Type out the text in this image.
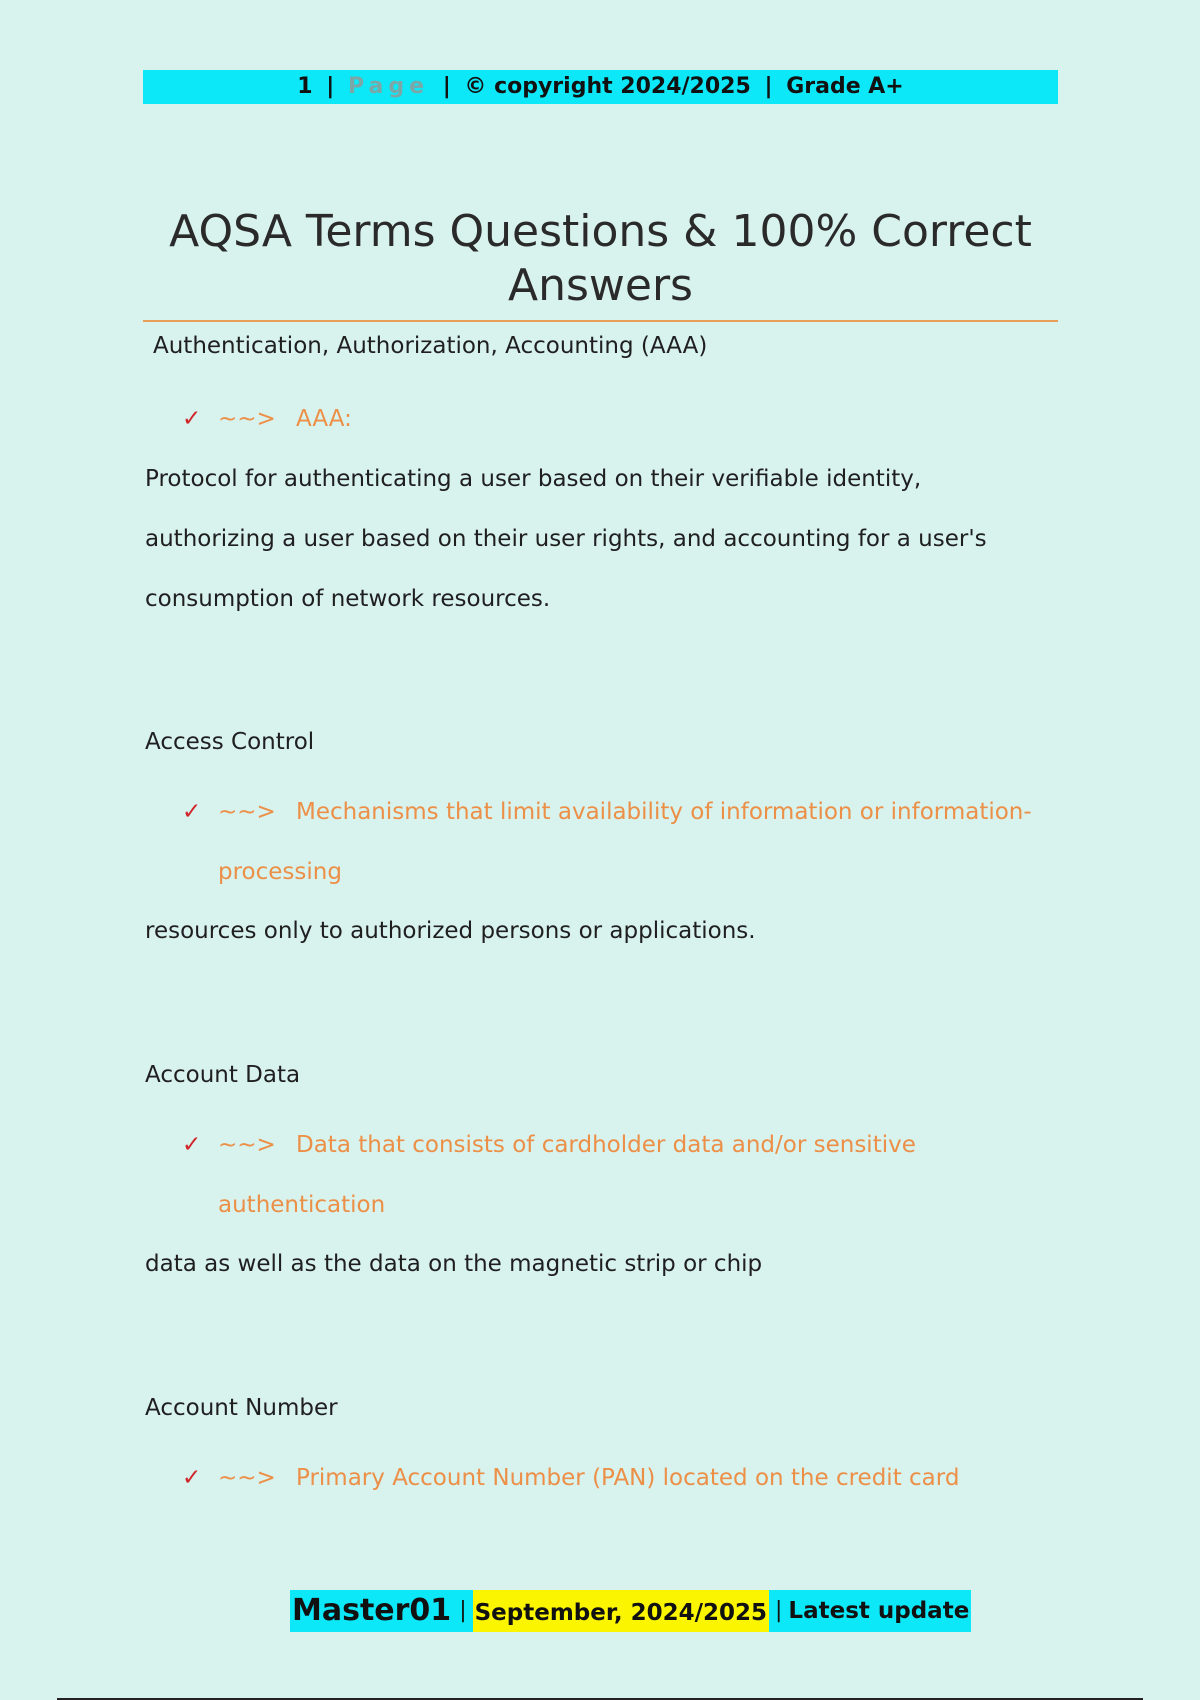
1 | Page | © copyright 2024/2025 | Grade A+
AQSA Terms Questions & 100% Correct
Answers
Authentication, Authorization, Accounting (AAA)
✓ ~~> AAA:
Protocol for authenticating a user based on their verifiable identity,
authorizing a user based on their user rights, and accounting for a user's
consumption of network resources.
Access Control
✓ ~~> Mechanisms that limit availability of information or information-
processing
resources only to authorized persons or applications.
Account Data
✓ ~~> Data that consists of cardholder data and/or sensitive
authentication
data as well as the data on the magnetic strip or chip
Account Number
✓ ~~> Primary Account Number (PAN) located on the credit card
Master01 | September, 2024/2025 | Latest update
